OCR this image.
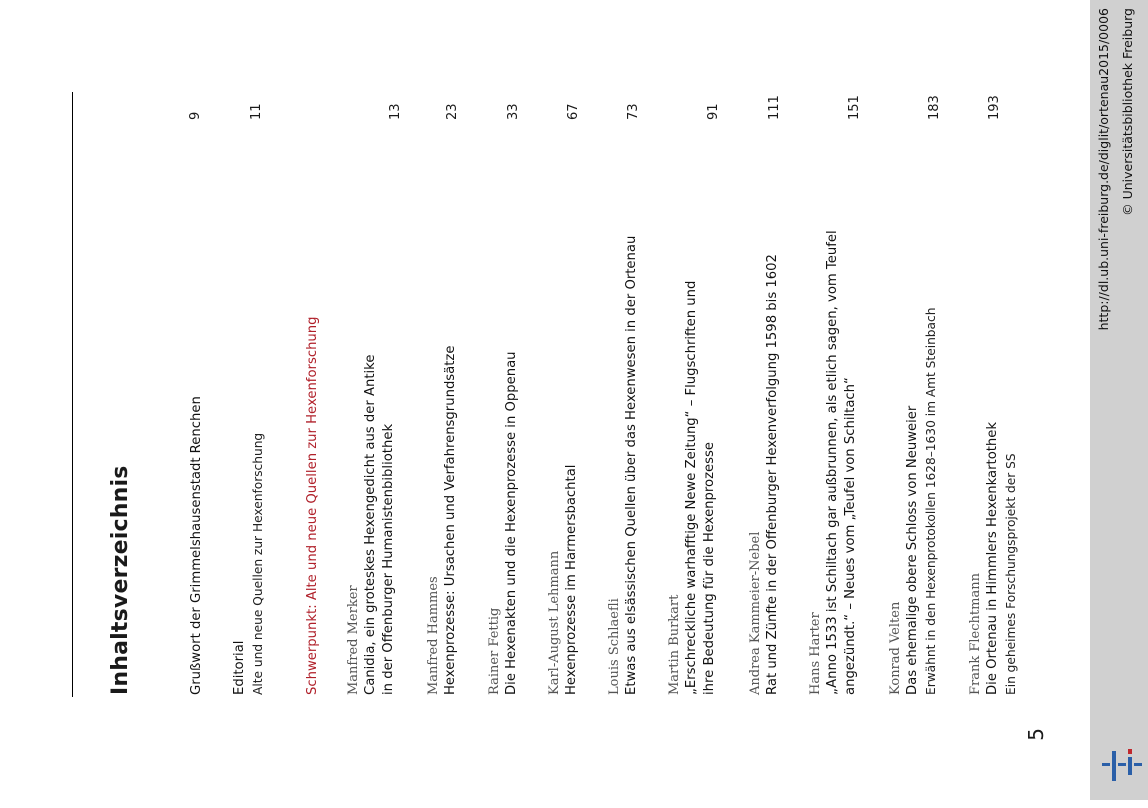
5
Inhaltsverzeichnis	Grußwort der Grimmelshausenstadt Renchen
9
Editorial Alte und neue Quellen zur Hexenforschung
11
Schwerpunkt: Alte und neue Quellen zur Hexenforschung Manfred Merker Canidia, ein groteskes Hexengedicht aus der Antike in der Offenburger Humanistenbibliothek
13
Manfred Hammes Hexenprozesse: Ursachen und Verfahrensgrundsätze
23
Rainer Fettig Die Hexenakten und die Hexenprozesse in Oppenau
33
Karl-August Lehmann Hexenprozesse im Harmersbachtal
67
Louis Schlaefli Etwas aus elsässischen Quellen über das Hexenwesen in der Ortenau
73
Martin Burkart „Erschreckliche warhafftige Newe Zeitung“ – Flugschriften und ihre Bedeutung für die Hexenprozesse
91
Andrea Kammeier-Nebel Rat und Zünfte in der Offenburger Hexenverfolgung 1598 bis 1602
111
Hans Harter „Anno 1533 ist Schiltach gar außbrunnen, als etlich sagen, vom Teufel angezündt.“ – Neues vom „Teufel von Schiltach“
151
Konrad Velten Das ehemalige obere Schloss von Neuweier Erwähnt in den Hexenprotokollen 1628–1630 im Amt Steinbach
183
Frank Flechtmann Die Ortenau in Himmlers Hexenkartothek Ein geheimes Forschungsprojekt der SS
193	http://dl.ub.uni-freiburg.de/diglit/ortenau2015/0006 © Universitätsbibliothek Freiburg
